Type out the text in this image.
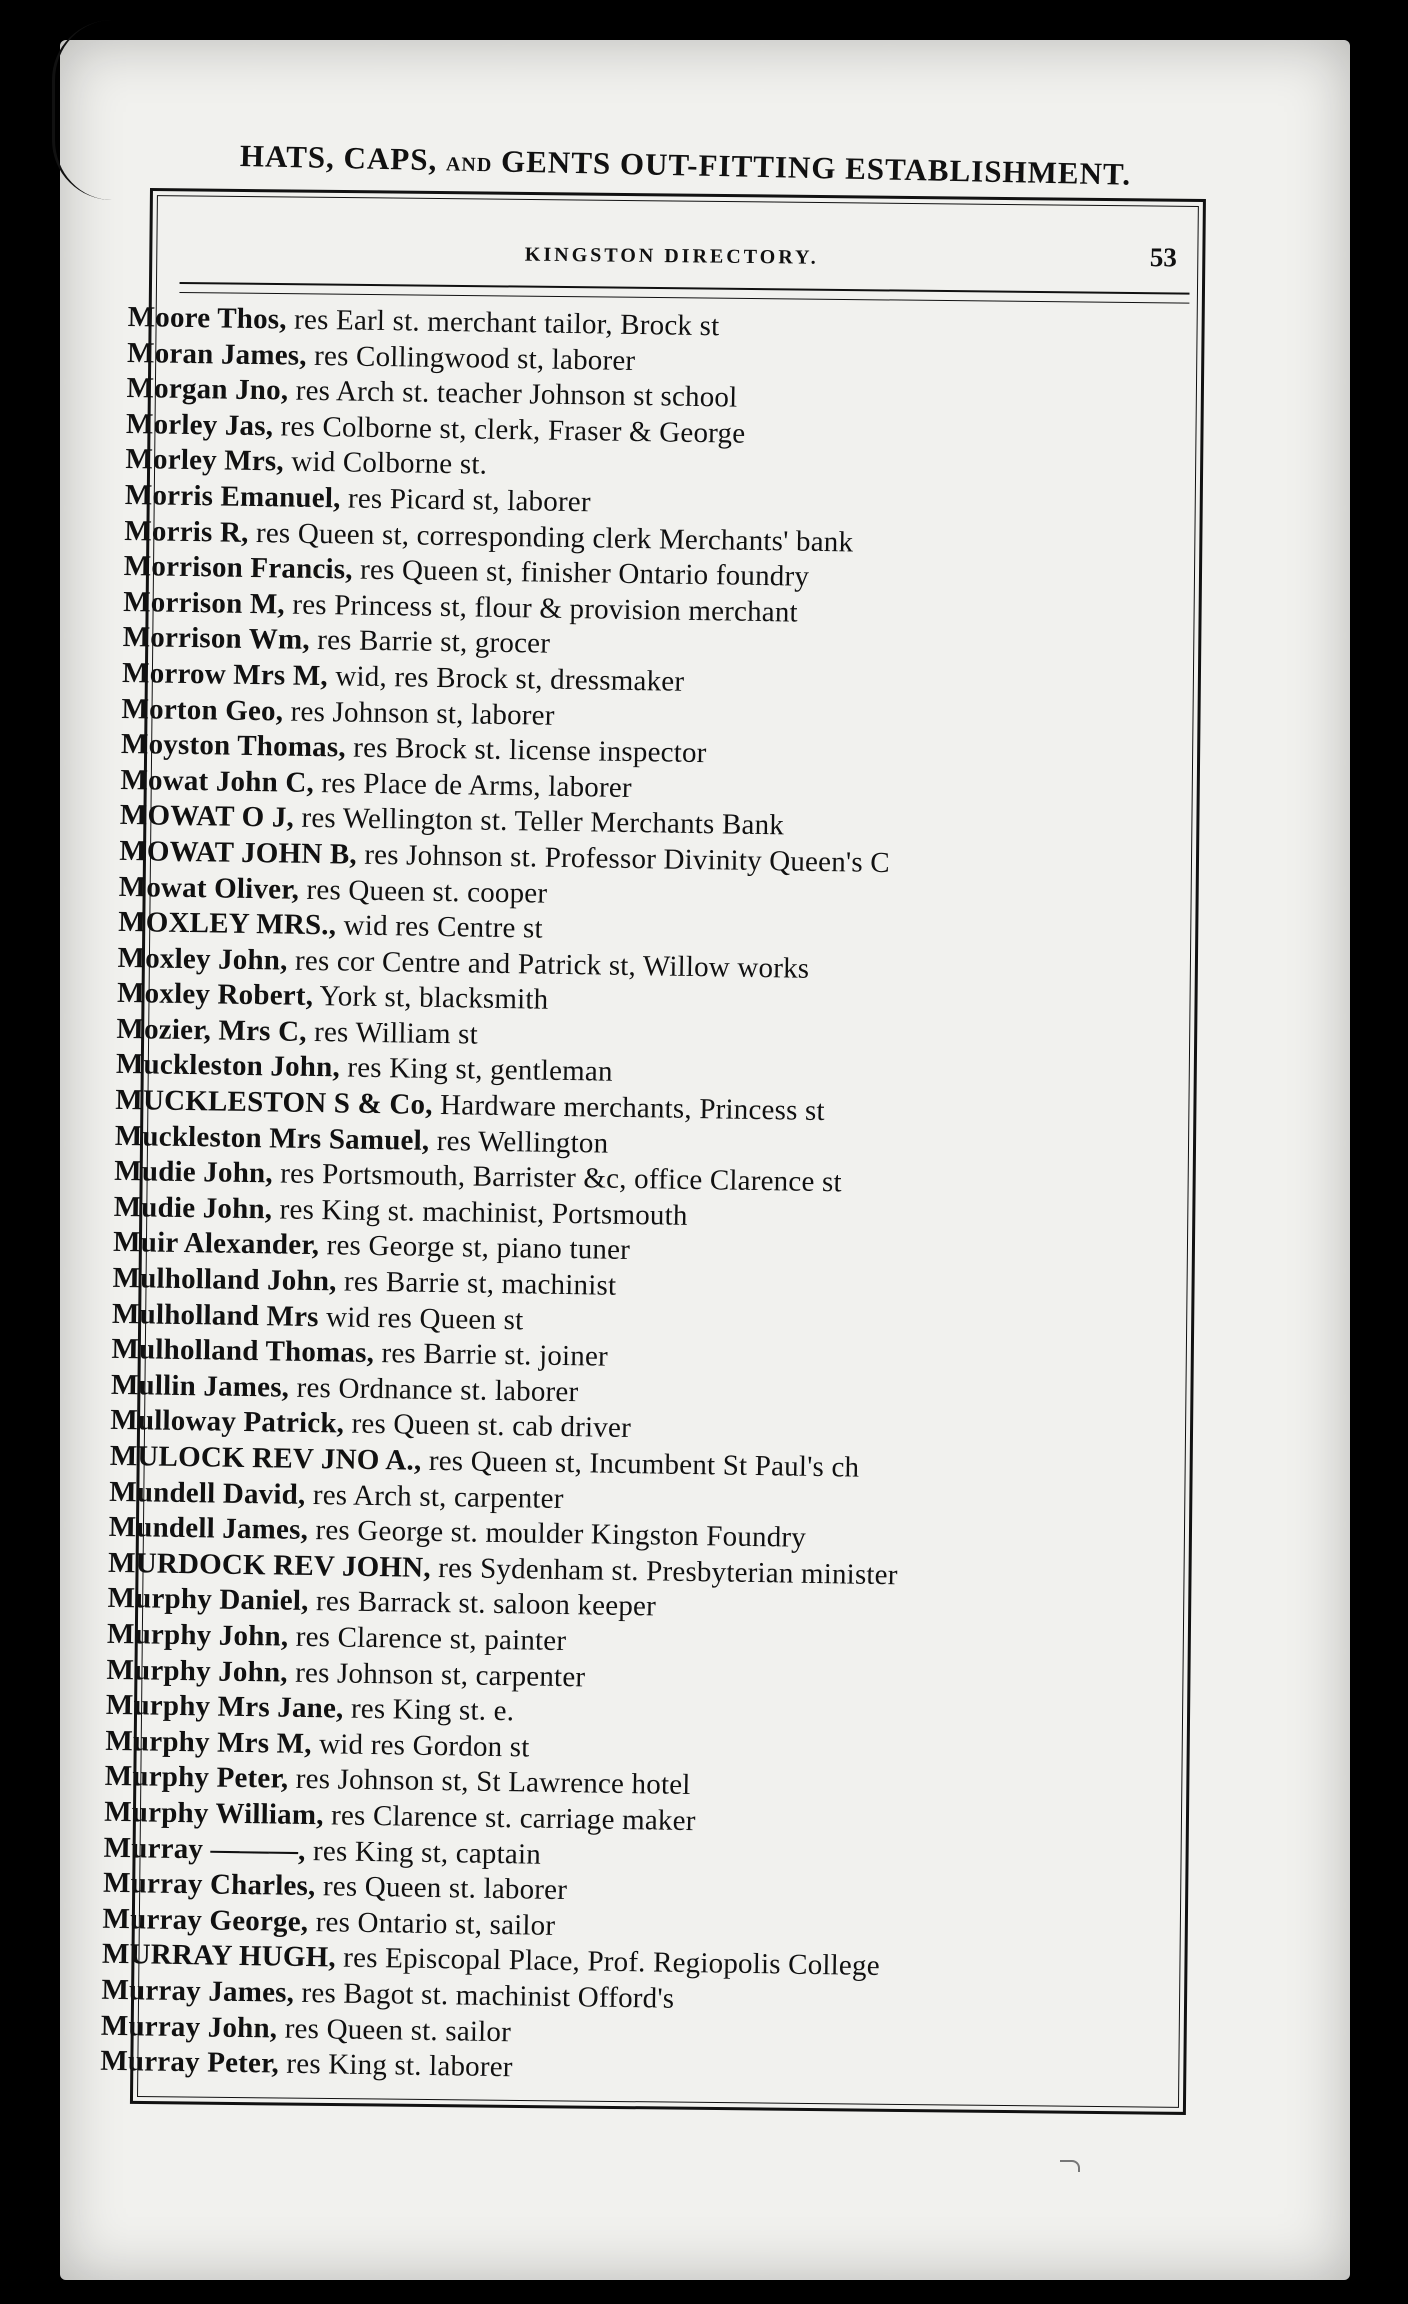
HATS, CAPS, AND GENTS OUT-FITTING ESTABLISHMENT.
KINGSTON DIRECTORY.	53
Moore Thos, res Earl st. merchant tailor, Brock st
Moran James, res Collingwood st, laborer
Morgan Jno, res Arch st. teacher Johnson st school
Morley Jas, res Colborne st, clerk, Fraser & George
Morley Mrs, wid Colborne st.
Morris Emanuel, res Picard st, laborer
Morris R, res Queen st, corresponding clerk Merchants' bank
Morrison Francis, res Queen st, finisher Ontario foundry
Morrison M, res Princess st, flour & provision merchant
Morrison Wm, res Barrie st, grocer
Morrow Mrs M, wid, res Brock st, dressmaker
Morton Geo, res Johnson st, laborer
Moyston Thomas, res Brock st. license inspector
Mowat John C, res Place de Arms, laborer
MOWAT O J, res Wellington st. Teller Merchants Bank
MOWAT JOHN B, res Johnson st. Professor Divinity Queen's C
Mowat Oliver, res Queen st. cooper
MOXLEY MRS., wid res Centre st
Moxley John, res cor Centre and Patrick st, Willow works
Moxley Robert, York st, blacksmith
Mozier, Mrs C, res William st
Muckleston John, res King st, gentleman
MUCKLESTON S & Co, Hardware merchants, Princess st
Muckleston Mrs Samuel, res Wellington
Mudie John, res Portsmouth, Barrister &c, office Clarence st
Mudie John, res King st. machinist, Portsmouth
Muir Alexander, res George st, piano tuner
Mulholland John, res Barrie st, machinist
Mulholland Mrs wid res Queen st
Mulholland Thomas, res Barrie st. joiner
Mullin James, res Ordnance st. laborer
Mulloway Patrick, res Queen st. cab driver
MULOCK REV JNO A., res Queen st, Incumbent St Paul's ch
Mundell David, res Arch st, carpenter
Mundell James, res George st. moulder Kingston Foundry
MURDOCK REV JOHN, res Sydenham st. Presbyterian minister
Murphy Daniel, res Barrack st. saloon keeper
Murphy John, res Clarence st, painter
Murphy John, res Johnson st, carpenter
Murphy Mrs Jane, res King st. e.
Murphy Mrs M, wid res Gordon st
Murphy Peter, res Johnson st, St Lawrence hotel
Murphy William, res Clarence st. carriage maker
Murray ———, res King st, captain
Murray Charles, res Queen st. laborer
Murray George, res Ontario st, sailor
MURRAY HUGH, res Episcopal Place, Prof. Regiopolis College
Murray James, res Bagot st. machinist Offord's
Murray John, res Queen st. sailor
Murray Peter, res King st. laborer
